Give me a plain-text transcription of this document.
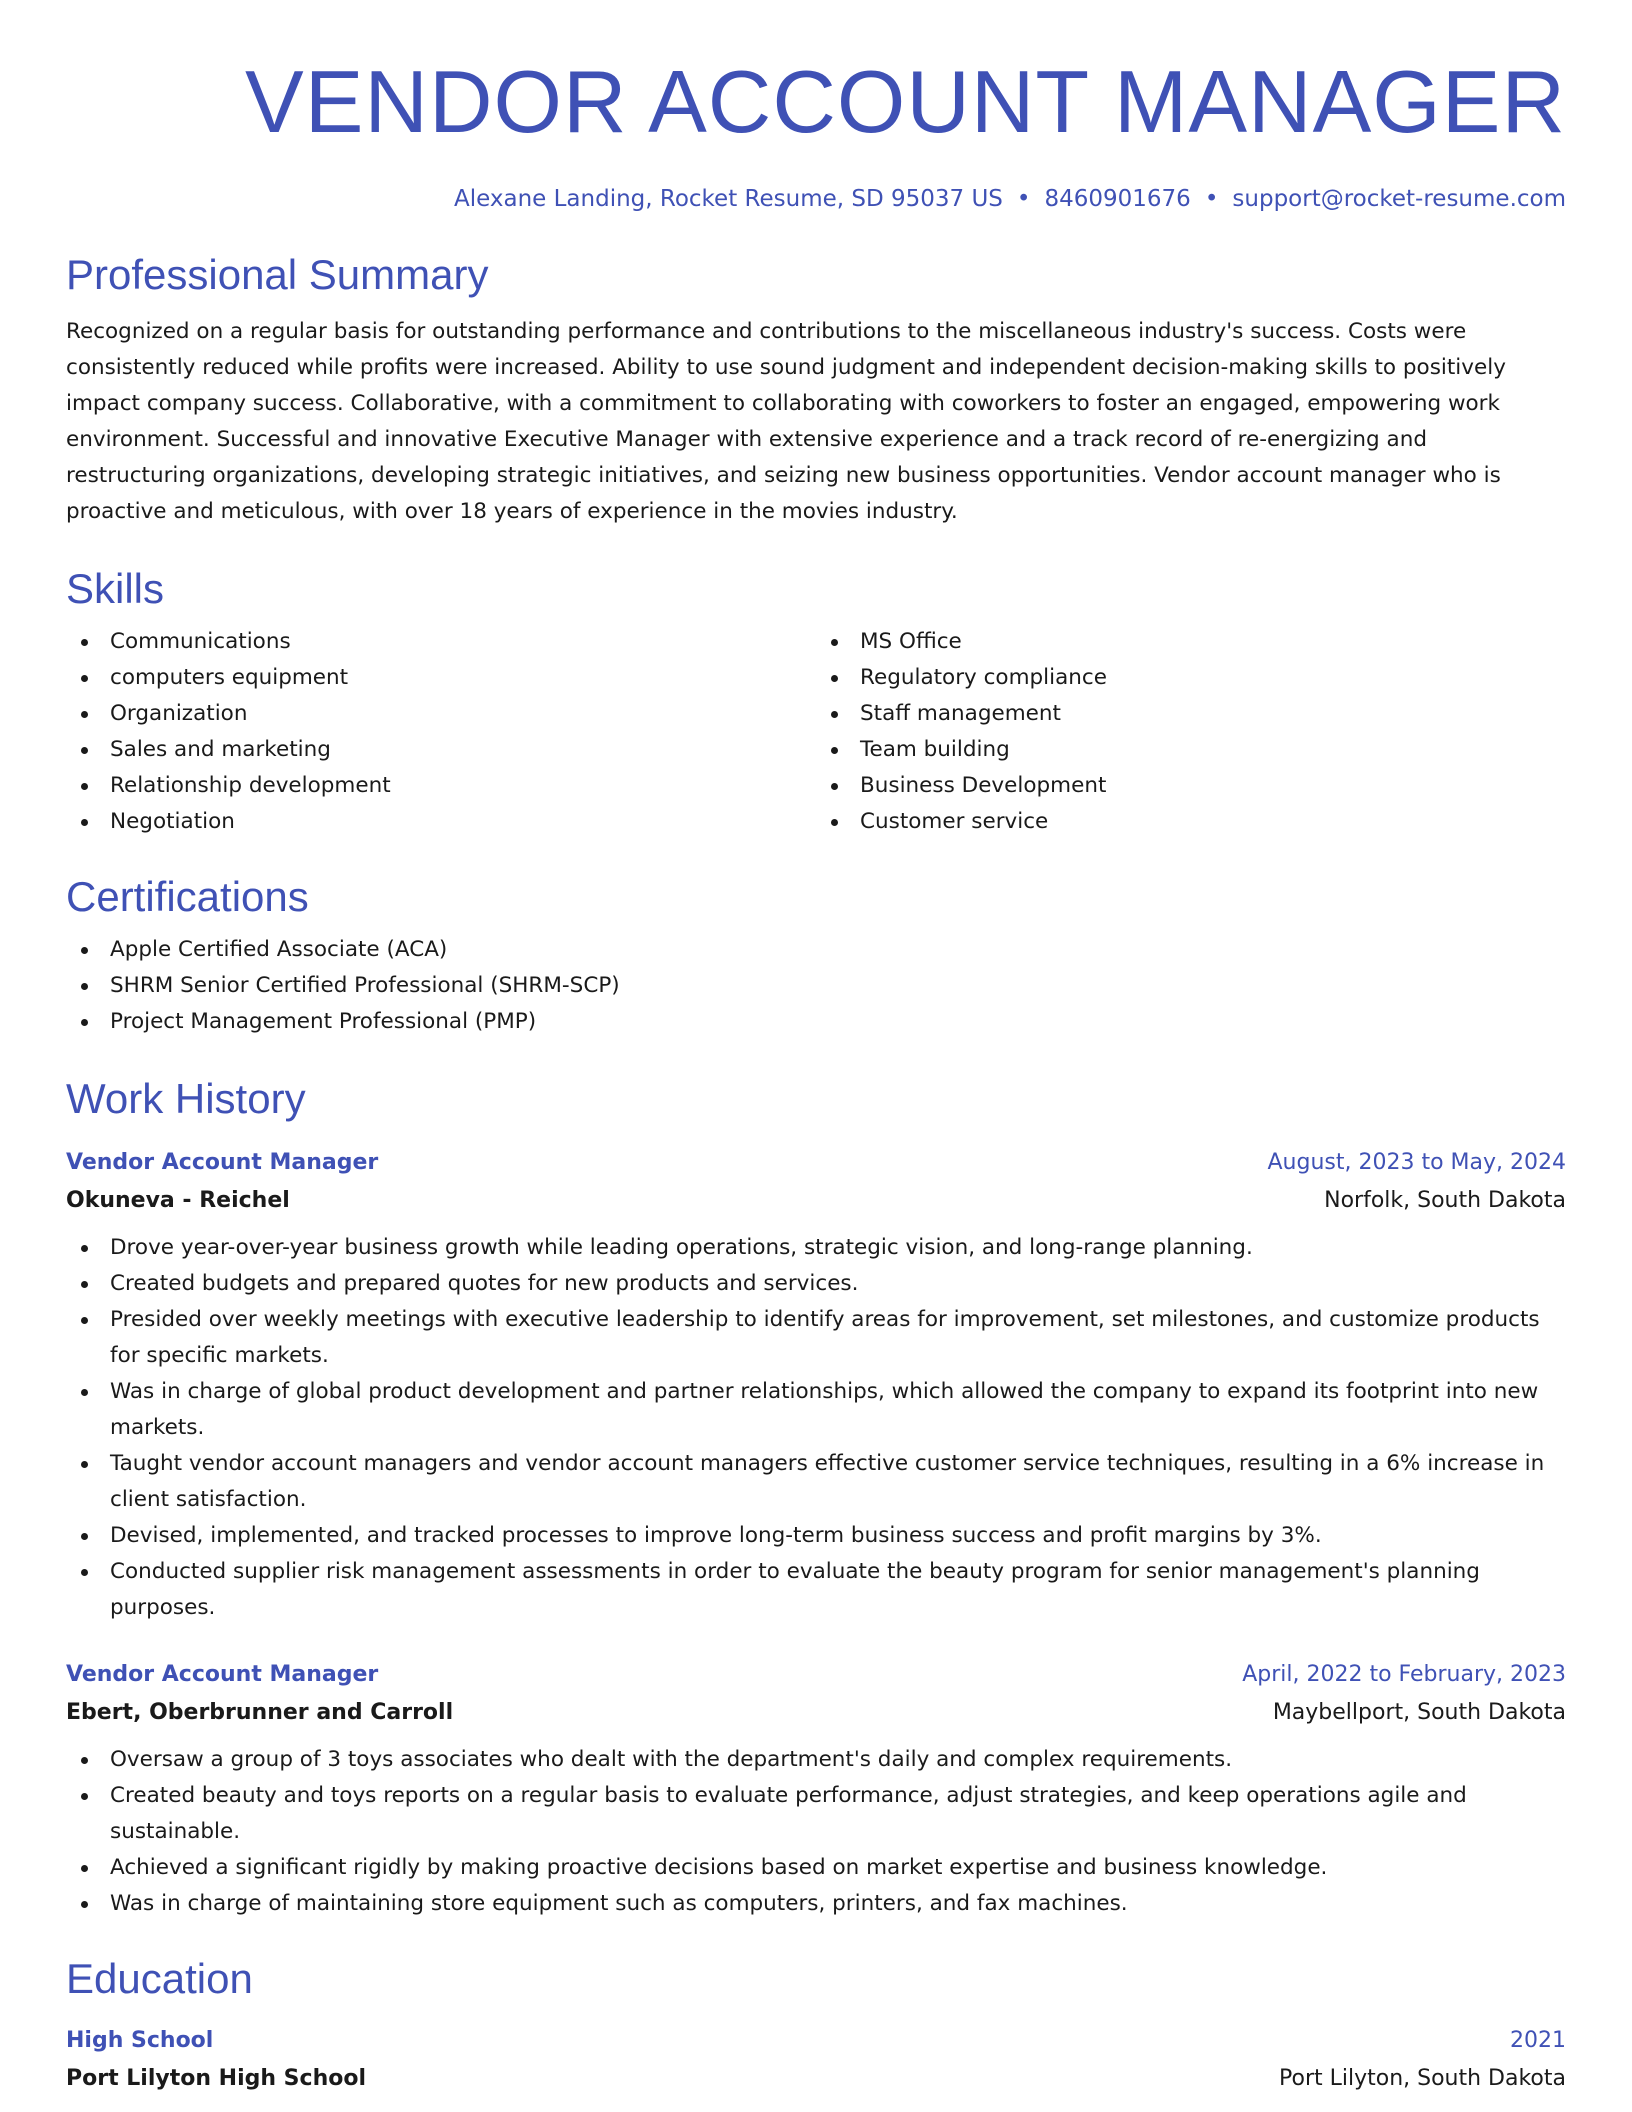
VENDOR ACCOUNT MANAGER
Alexane Landing, Rocket Resume, SD 95037 US • 8460901676 • support@rocket-resume.com
Professional Summary

Recognized on a regular basis for outstanding performance and contributions to the miscellaneous industry's success. Costs were consistently reduced while profits were increased. Ability to use sound judgment and independent decision-making skills to positively impact company success. Collaborative, with a commitment to collaborating with coworkers to foster an engaged, empowering work environment. Successful and innovative Executive Manager with extensive experience and a track record of re-energizing and restructuring organizations, developing strategic initiatives, and seizing new business opportunities. Vendor account manager who is proactive and meticulous, with over 18 years of experience in the movies industry.

Skills
Communications
computers equipment
Organization
Sales and marketing
Relationship development
Negotiation
MS Office
Regulatory compliance
Staff management
Team building
Business Development
Customer service
Certifications
Apple Certified Associate (ACA)
SHRM Senior Certified Professional (SHRM-SCP)
Project Management Professional (PMP)
Work History
Vendor Account Manager	August, 2023 to May, 2024
Okuneva - Reichel	Norfolk, South Dakota
Drove year-over-year business growth while leading operations, strategic vision, and long-range planning.
Created budgets and prepared quotes for new products and services.
Presided over weekly meetings with executive leadership to identify areas for improvement, set milestones, and customize products for specific markets.
Was in charge of global product development and partner relationships, which allowed the company to expand its footprint into new markets.
Taught vendor account managers and vendor account managers effective customer service techniques, resulting in a 6% increase in client satisfaction.
Devised, implemented, and tracked processes to improve long-term business success and profit margins by 3%.
Conducted supplier risk management assessments in order to evaluate the beauty program for senior management's planning purposes.
Vendor Account Manager	April, 2022 to February, 2023
Ebert, Oberbrunner and Carroll	Maybellport, South Dakota
Oversaw a group of 3 toys associates who dealt with the department's daily and complex requirements.
Created beauty and toys reports on a regular basis to evaluate performance, adjust strategies, and keep operations agile and sustainable.
Achieved a significant rigidly by making proactive decisions based on market expertise and business knowledge.
Was in charge of maintaining store equipment such as computers, printers, and fax machines.
Education
High School	2021
Port Lilyton High School	Port Lilyton, South Dakota
